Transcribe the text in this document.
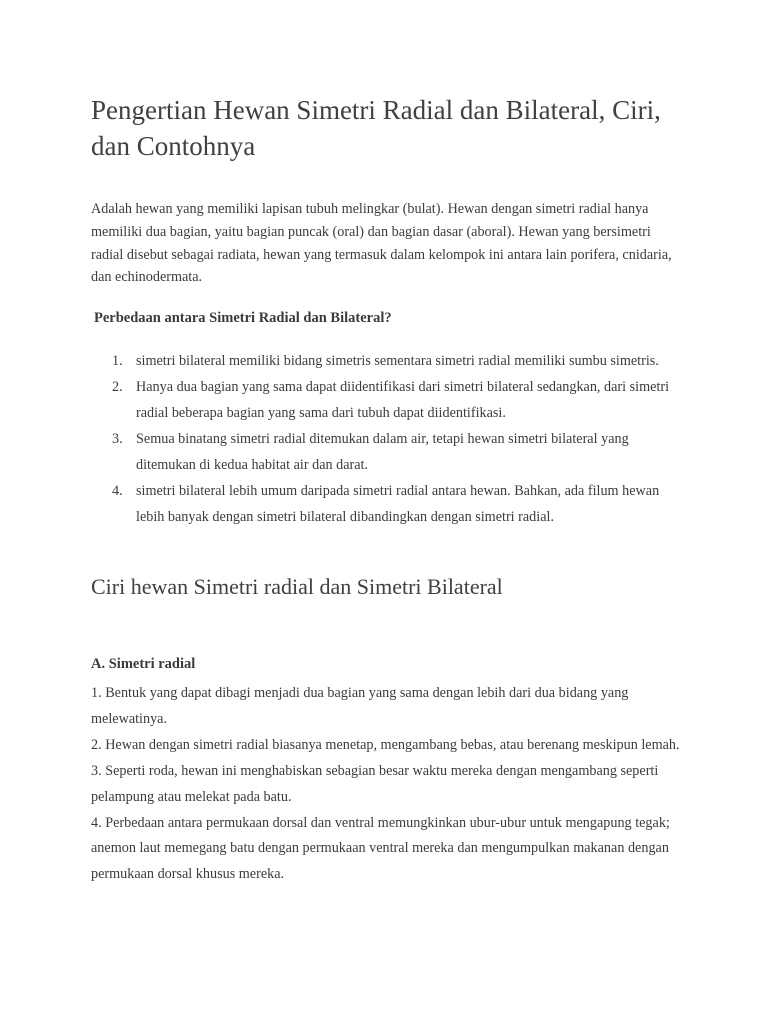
Pengertian Hewan Simetri Radial dan Bilateral, Ciri, dan Contohnya

Adalah hewan yang memiliki lapisan tubuh melingkar (bulat). Hewan dengan simetri radial hanya memiliki dua bagian, yaitu bagian puncak (oral) dan bagian dasar (aboral). Hewan yang bersimetri radial disebut sebagai radiata, hewan yang termasuk dalam kelompok ini antara lain porifera, cnidaria, dan echinodermata.

Perbedaan antara Simetri Radial dan Bilateral?

1. simetri bilateral memiliki bidang simetris sementara simetri radial memiliki sumbu simetris.
2. Hanya dua bagian yang sama dapat diidentifikasi dari simetri bilateral sedangkan, dari simetri radial beberapa bagian yang sama dari tubuh dapat diidentifikasi.
3. Semua binatang simetri radial ditemukan dalam air, tetapi hewan simetri bilateral yang ditemukan di kedua habitat air dan darat.
4. simetri bilateral lebih umum daripada simetri radial antara hewan. Bahkan, ada filum hewan lebih banyak dengan simetri bilateral dibandingkan dengan simetri radial.
Ciri hewan Simetri radial dan Simetri Bilateral

A. Simetri radial

1. Bentuk yang dapat dibagi menjadi dua bagian yang sama dengan lebih dari dua bidang yang melewatinya.

2. Hewan dengan simetri radial biasanya menetap, mengambang bebas, atau berenang meskipun lemah.

3. Seperti roda, hewan ini menghabiskan sebagian besar waktu mereka dengan mengambang seperti pelampung atau melekat pada batu.

4. Perbedaan antara permukaan dorsal dan ventral memungkinkan ubur-ubur untuk mengapung tegak; anemon laut memegang batu dengan permukaan ventral mereka dan mengumpulkan makanan dengan permukaan dorsal khusus mereka.
